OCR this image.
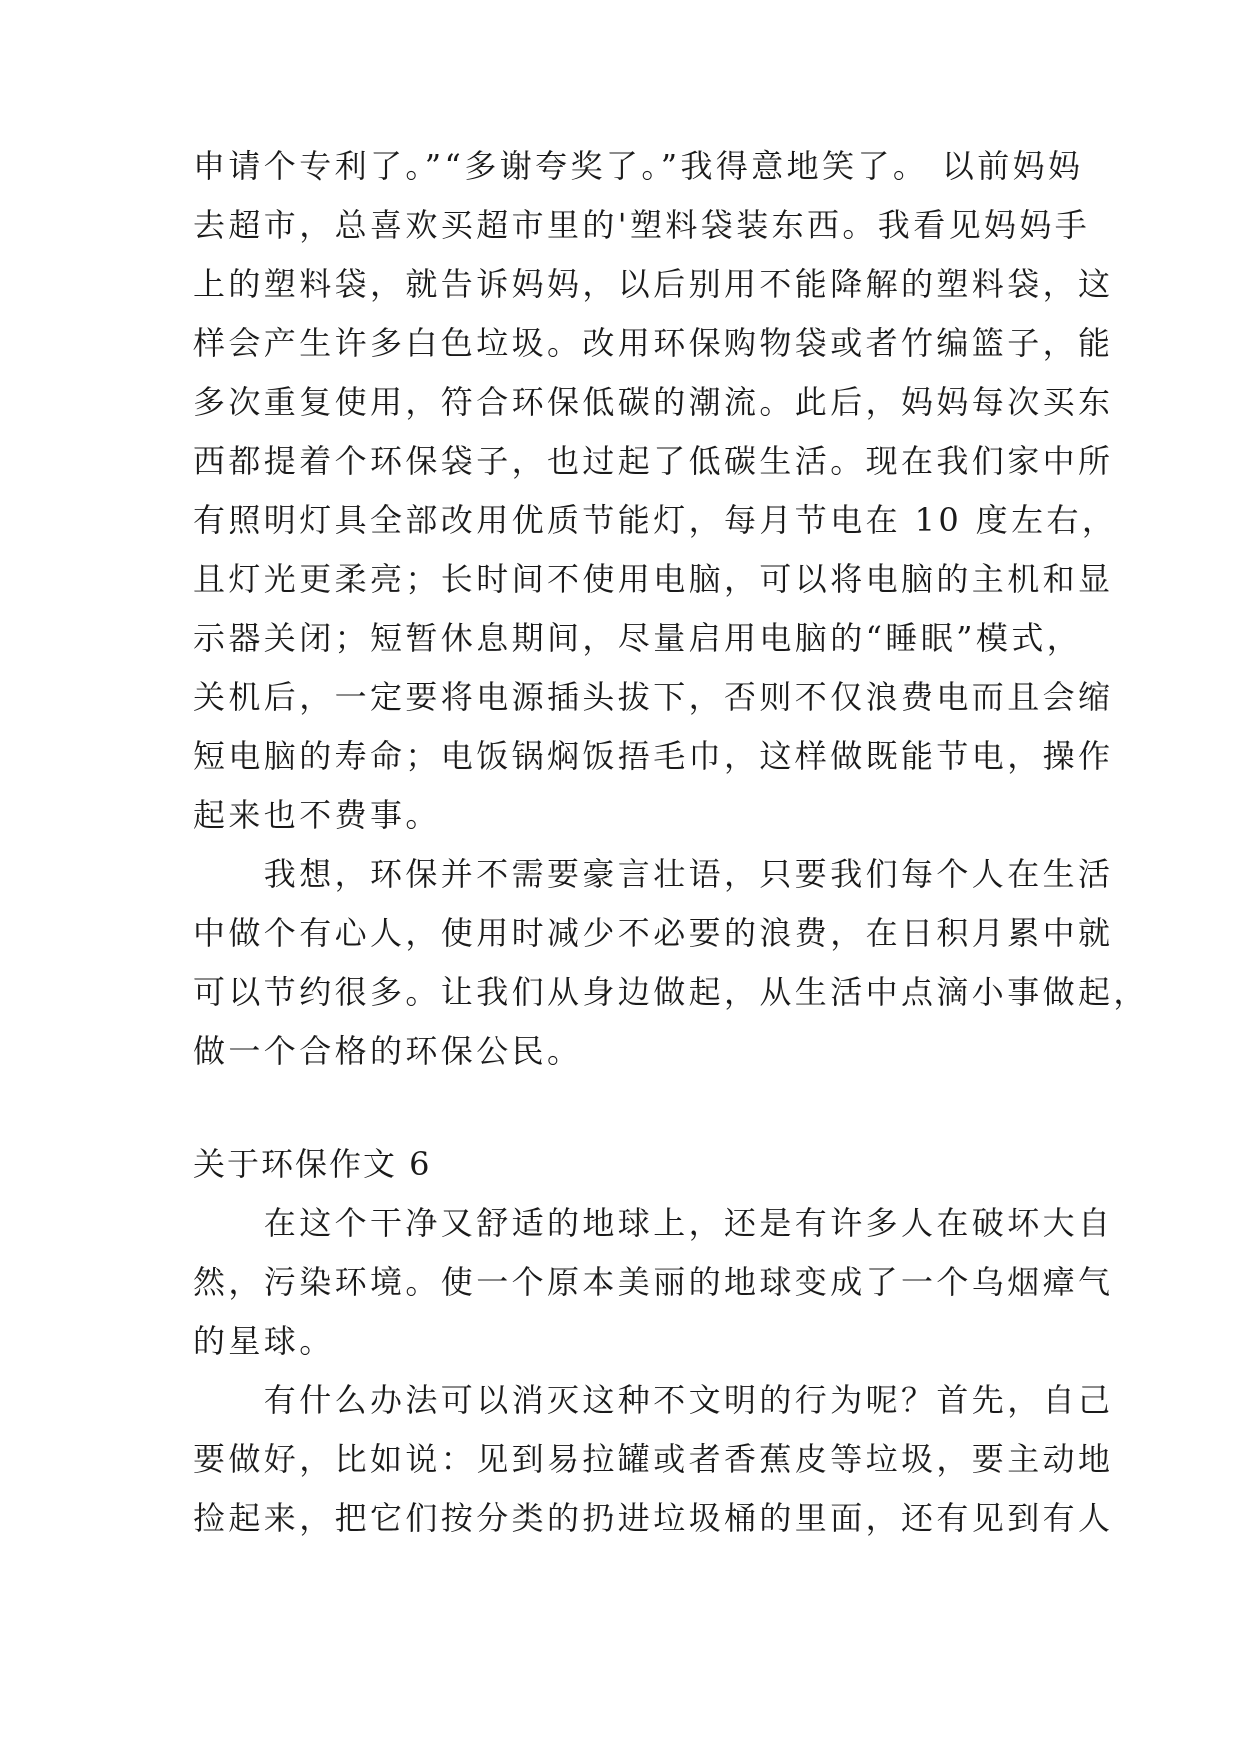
申请个专利了。”“多谢夸奖了。”我得意地笑了。 以前妈妈
去超市，总喜欢买超市里的'塑料袋装东西。我看见妈妈手
上的塑料袋，就告诉妈妈，以后别用不能降解的塑料袋，这
样会产生许多白色垃圾。改用环保购物袋或者竹编篮子，能
多次重复使用，符合环保低碳的潮流。此后，妈妈每次买东
西都提着个环保袋子，也过起了低碳生活。现在我们家中所
有照明灯具全部改用优质节能灯，每月节电在 10 度左右，
且灯光更柔亮；长时间不使用电脑，可以将电脑的主机和显
示器关闭；短暂休息期间，尽量启用电脑的“睡眠”模式，
关机后，一定要将电源插头拔下，否则不仅浪费电而且会缩
短电脑的寿命；电饭锅焖饭捂毛巾，这样做既能节电，操作
起来也不费事。
　　我想，环保并不需要豪言壮语，只要我们每个人在生活
中做个有心人，使用时减少不必要的浪费，在日积月累中就
可以节约很多。让我们从身边做起，从生活中点滴小事做起，
做一个合格的环保公民。
关于环保作文 6
　　在这个干净又舒适的地球上，还是有许多人在破坏大自
然，污染环境。使一个原本美丽的地球变成了一个乌烟瘴气
的星球。
　　有什么办法可以消灭这种不文明的行为呢？首先，自己
要做好，比如说：见到易拉罐或者香蕉皮等垃圾，要主动地
捡起来，把它们按分类的扔进垃圾桶的里面，还有见到有人
